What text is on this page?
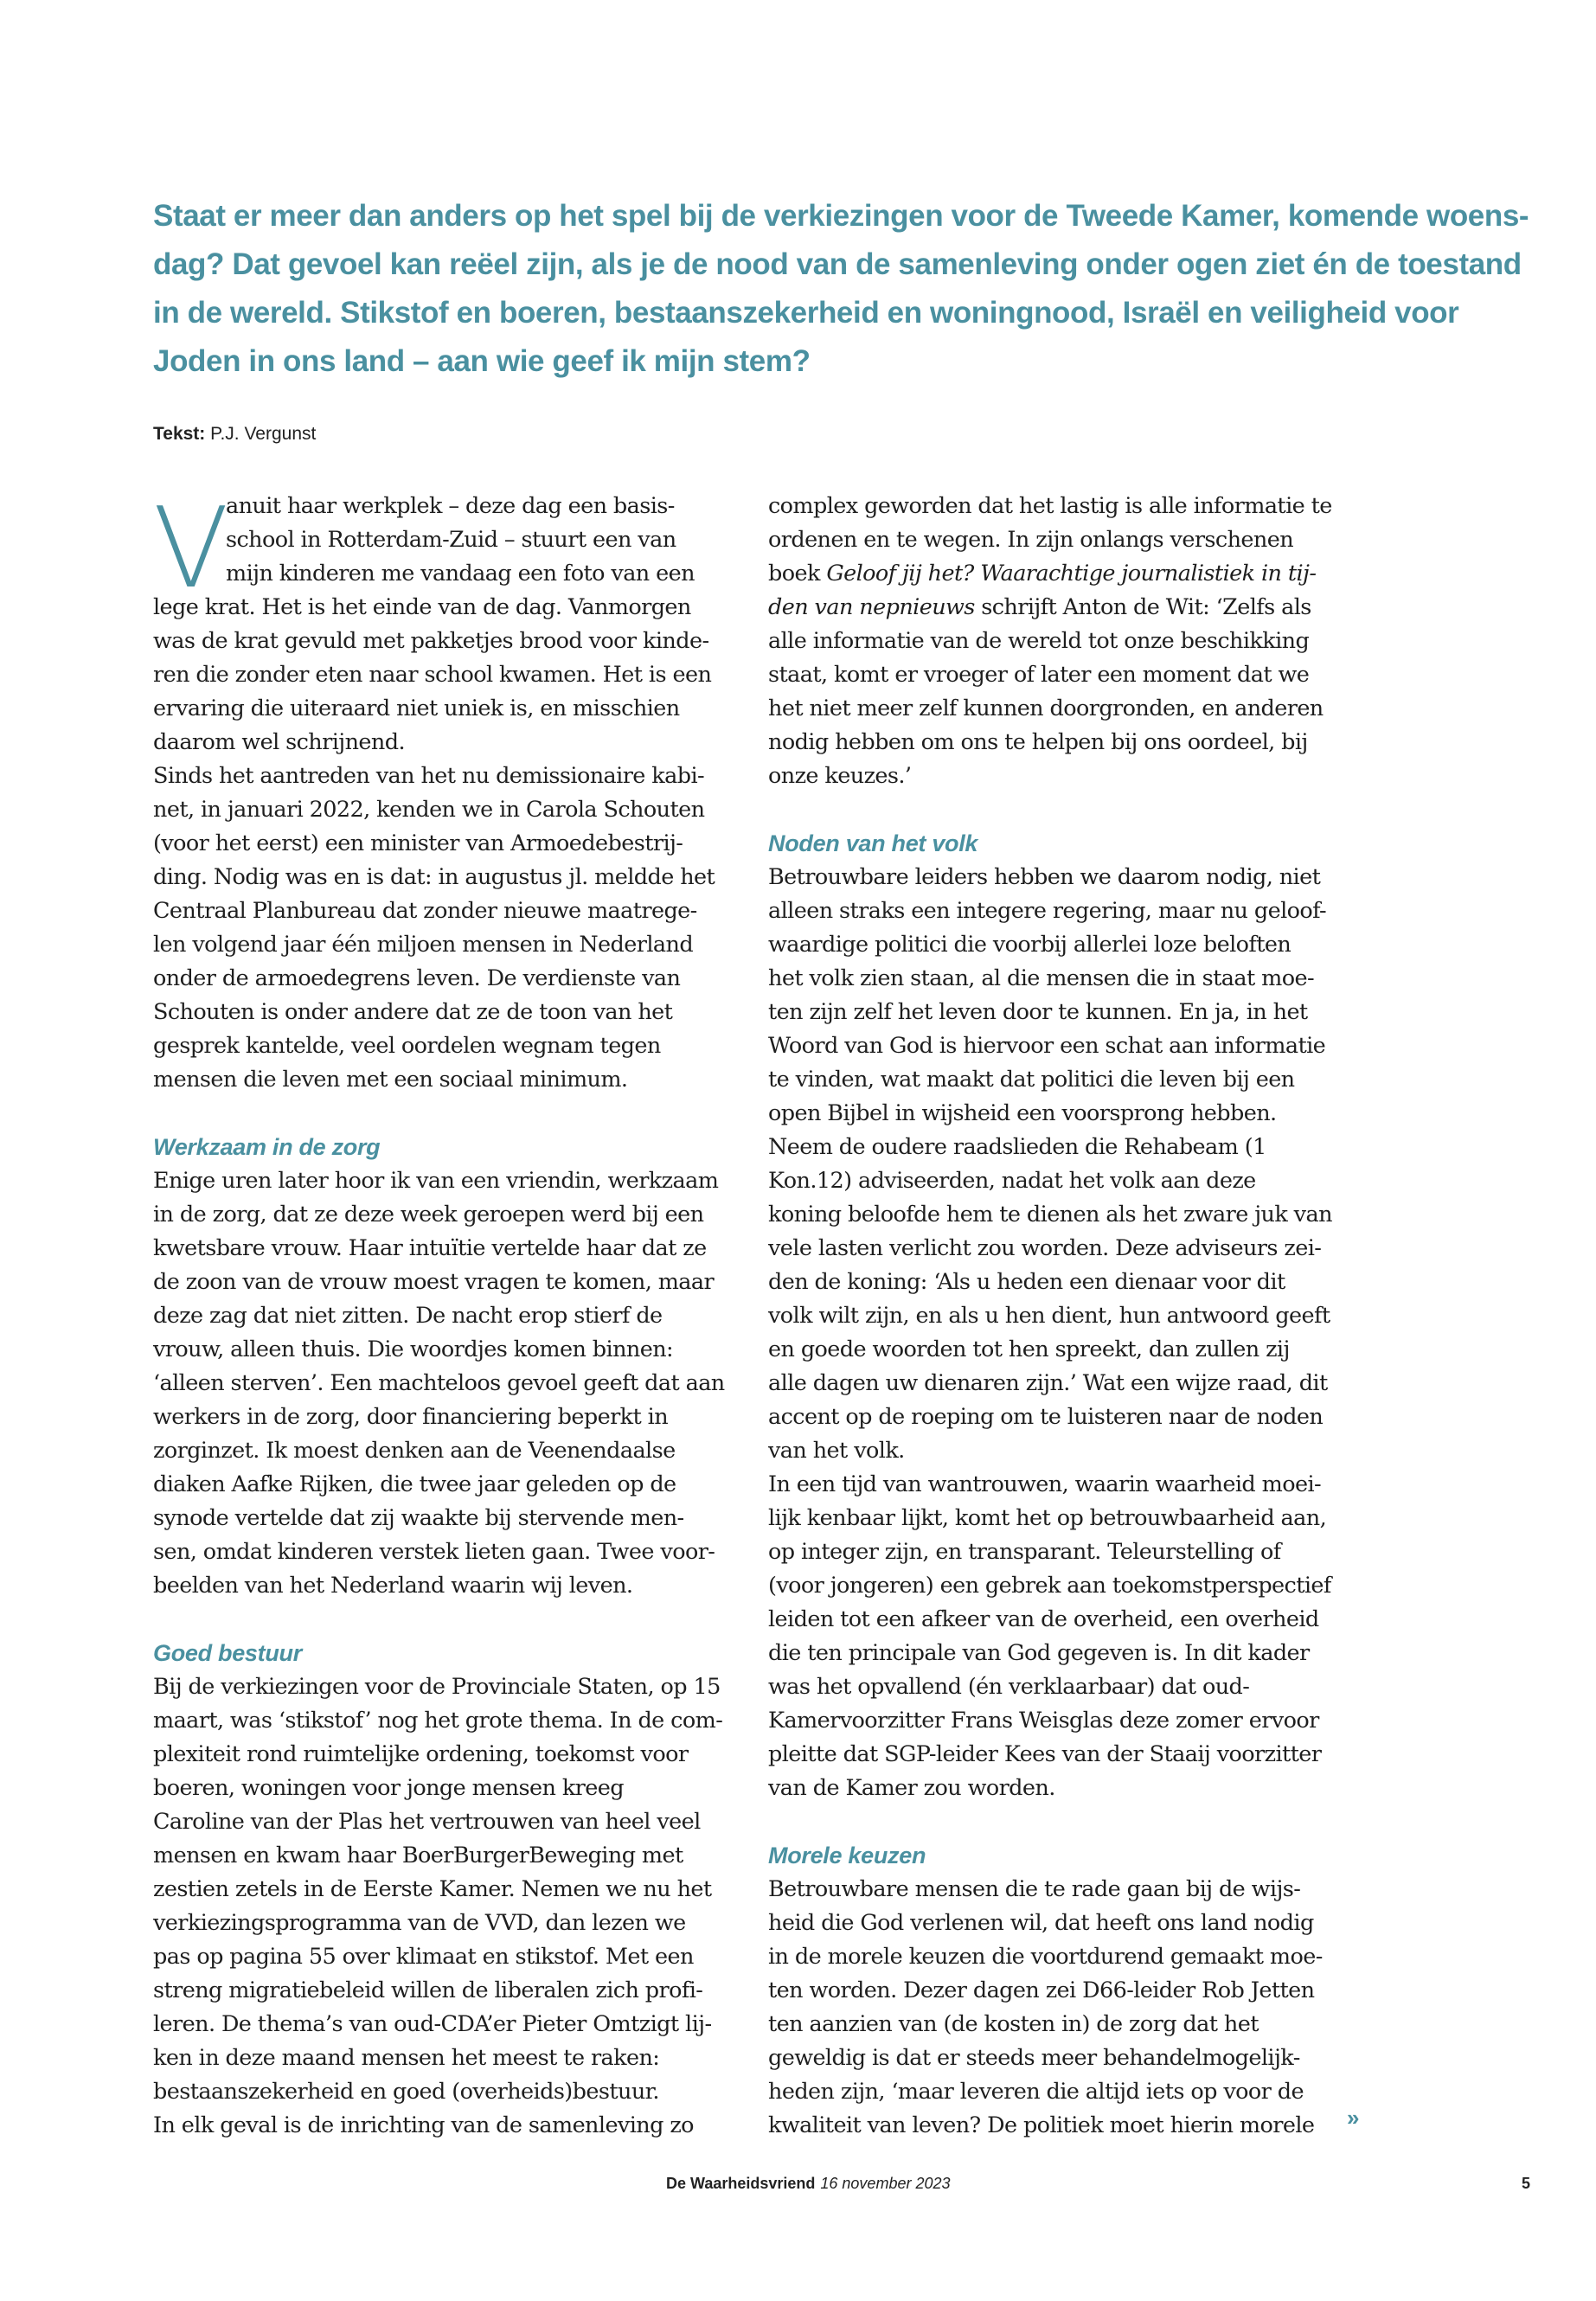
Staat er meer dan anders op het spel bij de verkiezingen voor de Tweede Kamer, komende woens-
dag? Dat gevoel kan reëel zijn, als je de nood van de samenleving onder ogen ziet én de toestand
in de wereld. Stikstof en boeren, bestaanszekerheid en woningnood, Israël en veiligheid voor
Joden in ons land – aan wie geef ik mijn stem?
Tekst: P.J. Vergunst
V
anuit haar werkplek – deze dag een basis-
school in Rotterdam-Zuid – stuurt een van
mijn kinderen me vandaag een foto van een
lege krat. Het is het einde van de dag. Vanmorgen
was de krat gevuld met pakketjes brood voor kinde-
ren die zonder eten naar school kwamen. Het is een
ervaring die uiteraard niet uniek is, en misschien
daarom wel schrijnend.
Sinds het aantreden van het nu demissionaire kabi-
net, in januari 2022, kenden we in Carola Schouten
(voor het eerst) een minister van Armoedebestrij-
ding. Nodig was en is dat: in augustus jl. meldde het
Centraal Planbureau dat zonder nieuwe maatrege-
len volgend jaar één miljoen mensen in Nederland
onder de armoedegrens leven. De verdienste van
Schouten is onder andere dat ze de toon van het
gesprek kantelde, veel oordelen wegnam tegen
mensen die leven met een sociaal minimum.
Werkzaam in de zorg
Enige uren later hoor ik van een vriendin, werkzaam
in de zorg, dat ze deze week geroepen werd bij een
kwetsbare vrouw. Haar intuïtie vertelde haar dat ze
de zoon van de vrouw moest vragen te komen, maar
deze zag dat niet zitten. De nacht erop stierf de
vrouw, alleen thuis. Die woordjes komen binnen:
‘alleen sterven’. Een machteloos gevoel geeft dat aan
werkers in de zorg, door financiering beperkt in
zorginzet. Ik moest denken aan de Veenendaalse
diaken Aafke Rijken, die twee jaar geleden op de
synode vertelde dat zij waakte bij stervende men-
sen, omdat kinderen verstek lieten gaan. Twee voor-
beelden van het Nederland waarin wij leven.
Goed bestuur
Bij de verkiezingen voor de Provinciale Staten, op 15
maart, was ‘stikstof’ nog het grote thema. In de com-
plexiteit rond ruimtelijke ordening, toekomst voor
boeren, woningen voor jonge mensen kreeg
Caroline van der Plas het vertrouwen van heel veel
mensen en kwam haar BoerBurgerBeweging met
zestien zetels in de Eerste Kamer. Nemen we nu het
verkiezingsprogramma van de VVD, dan lezen we
pas op pagina 55 over klimaat en stikstof. Met een
streng migratiebeleid willen de liberalen zich profi-
leren. De thema’s van oud-CDA’er Pieter Omtzigt lij-
ken in deze maand mensen het meest te raken:
bestaanszekerheid en goed (overheids)bestuur.
In elk geval is de inrichting van de samenleving zo
complex geworden dat het lastig is alle informatie te
ordenen en te wegen. In zijn onlangs verschenen
boek Geloof jij het? Waarachtige journalistiek in tij-
den van nepnieuws schrijft Anton de Wit: ‘Zelfs als
alle informatie van de wereld tot onze beschikking
staat, komt er vroeger of later een moment dat we
het niet meer zelf kunnen doorgronden, en anderen
nodig hebben om ons te helpen bij ons oordeel, bij
onze keuzes.’
Noden van het volk
Betrouwbare leiders hebben we daarom nodig, niet
alleen straks een integere regering, maar nu geloof-
waardige politici die voorbij allerlei loze beloften
het volk zien staan, al die mensen die in staat moe-
ten zijn zelf het leven door te kunnen. En ja, in het
Woord van God is hiervoor een schat aan informatie
te vinden, wat maakt dat politici die leven bij een
open Bijbel in wijsheid een voorsprong hebben.
Neem de oudere raadslieden die Rehabeam (1
Kon.12) adviseerden, nadat het volk aan deze
koning beloofde hem te dienen als het zware juk van
vele lasten verlicht zou worden. Deze adviseurs zei-
den de koning: ‘Als u heden een dienaar voor dit
volk wilt zijn, en als u hen dient, hun antwoord geeft
en goede woorden tot hen spreekt, dan zullen zij
alle dagen uw dienaren zijn.’ Wat een wijze raad, dit
accent op de roeping om te luisteren naar de noden
van het volk.
In een tijd van wantrouwen, waarin waarheid moei-
lijk kenbaar lijkt, komt het op betrouwbaarheid aan,
op integer zijn, en transparant. Teleurstelling of
(voor jongeren) een gebrek aan toekomstperspectief
leiden tot een afkeer van de overheid, een overheid
die ten principale van God gegeven is. In dit kader
was het opvallend (én verklaarbaar) dat oud-
Kamervoorzitter Frans Weisglas deze zomer ervoor
pleitte dat SGP-leider Kees van der Staaij voorzitter
van de Kamer zou worden.
Morele keuzen
Betrouwbare mensen die te rade gaan bij de wijs-
heid die God verlenen wil, dat heeft ons land nodig
in de morele keuzen die voortdurend gemaakt moe-
ten worden. Dezer dagen zei D66-leider Rob Jetten
ten aanzien van (de kosten in) de zorg dat het
geweldig is dat er steeds meer behandelmogelijk-
heden zijn, ‘maar leveren die altijd iets op voor de
kwaliteit van leven? De politiek moet hierin morele	»
De Waarheidsvriend 16 november 2023	5
